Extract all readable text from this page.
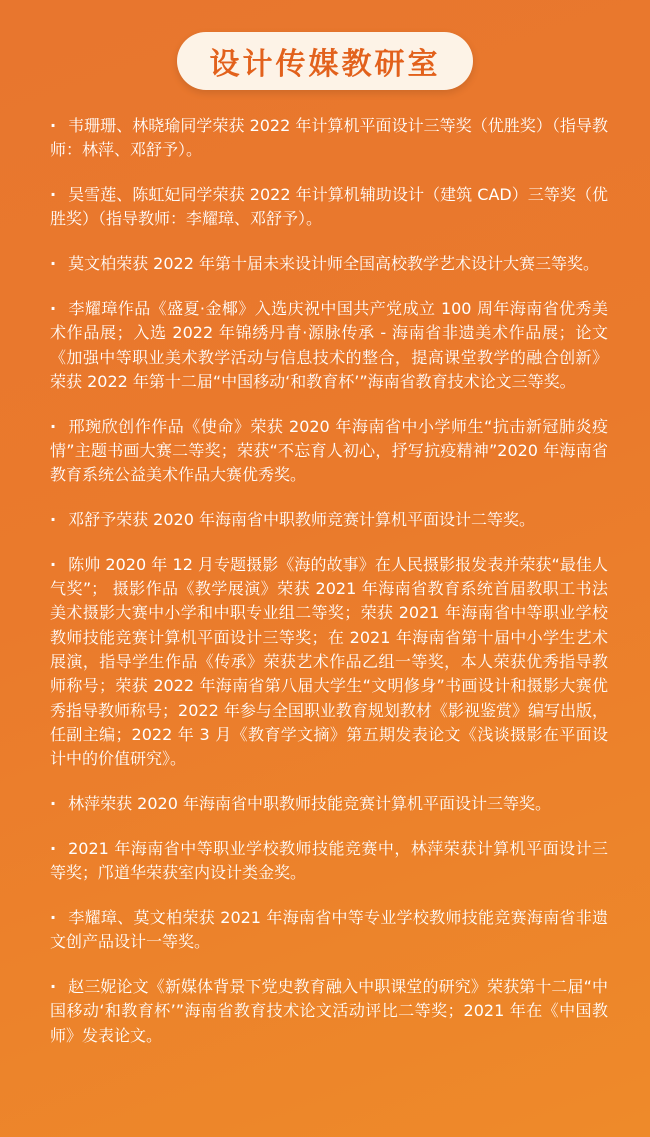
设计传媒教研室
· 韦珊珊、林晓瑜同学荣获 2022 年计算机平面设计三等奖（优胜奖）（指导教师：林萍、邓舒予）。
· 吴雪莲、陈虹妃同学荣获 2022 年计算机辅助设计（建筑 CAD）三等奖（优胜奖）（指导教师：李耀璋、邓舒予）。
· 莫文柏荣获 2022 年第十届未来设计师全国高校教学艺术设计大赛三等奖。
· 李耀璋作品《盛夏·金椰》入选庆祝中国共产党成立 100 周年海南省优秀美术作品展；入选 2022 年锦绣丹青·源脉传承 - 海南省非遗美术作品展；论文《加强中等职业美术教学活动与信息技术的整合，提高课堂教学的融合创新》荣获 2022 年第十二届“中国移动‘和教育杯’”海南省教育技术论文三等奖。
· 邢琬欣创作作品《使命》荣获 2020 年海南省中小学师生“抗击新冠肺炎疫情”主题书画大赛二等奖；荣获“不忘育人初心，抒写抗疫精神”2020 年海南省教育系统公益美术作品大赛优秀奖。
· 邓舒予荣获 2020 年海南省中职教师竞赛计算机平面设计二等奖。
· 陈帅 2020 年 12 月专题摄影《海的故事》在人民摄影报发表并荣获“最佳人气奖”； 摄影作品《教学展演》荣获 2021 年海南省教育系统首届教职工书法美术摄影大赛中小学和中职专业组二等奖；荣获 2021 年海南省中等职业学校教师技能竞赛计算机平面设计三等奖；在 2021 年海南省第十届中小学生艺术展演，指导学生作品《传承》荣获艺术作品乙组一等奖，本人荣获优秀指导教师称号；荣获 2022 年海南省第八届大学生“文明修身”书画设计和摄影大赛优秀指导教师称号；2022 年参与全国职业教育规划教材《影视鉴赏》编写出版，任副主编；2022 年 3 月《教育学文摘》第五期发表论文《浅谈摄影在平面设计中的价值研究》。
· 林萍荣获 2020 年海南省中职教师技能竞赛计算机平面设计三等奖。
· 2021 年海南省中等职业学校教师技能竞赛中，林萍荣获计算机平面设计三等奖；邝道华荣获室内设计类金奖。
· 李耀璋、莫文柏荣获 2021 年海南省中等专业学校教师技能竞赛海南省非遗文创产品设计一等奖。
· 赵三妮论文《新媒体背景下党史教育融入中职课堂的研究》荣获第十二届“中国移动‘和教育杯’”海南省教育技术论文活动评比二等奖；2021 年在《中国教师》发表论文。
